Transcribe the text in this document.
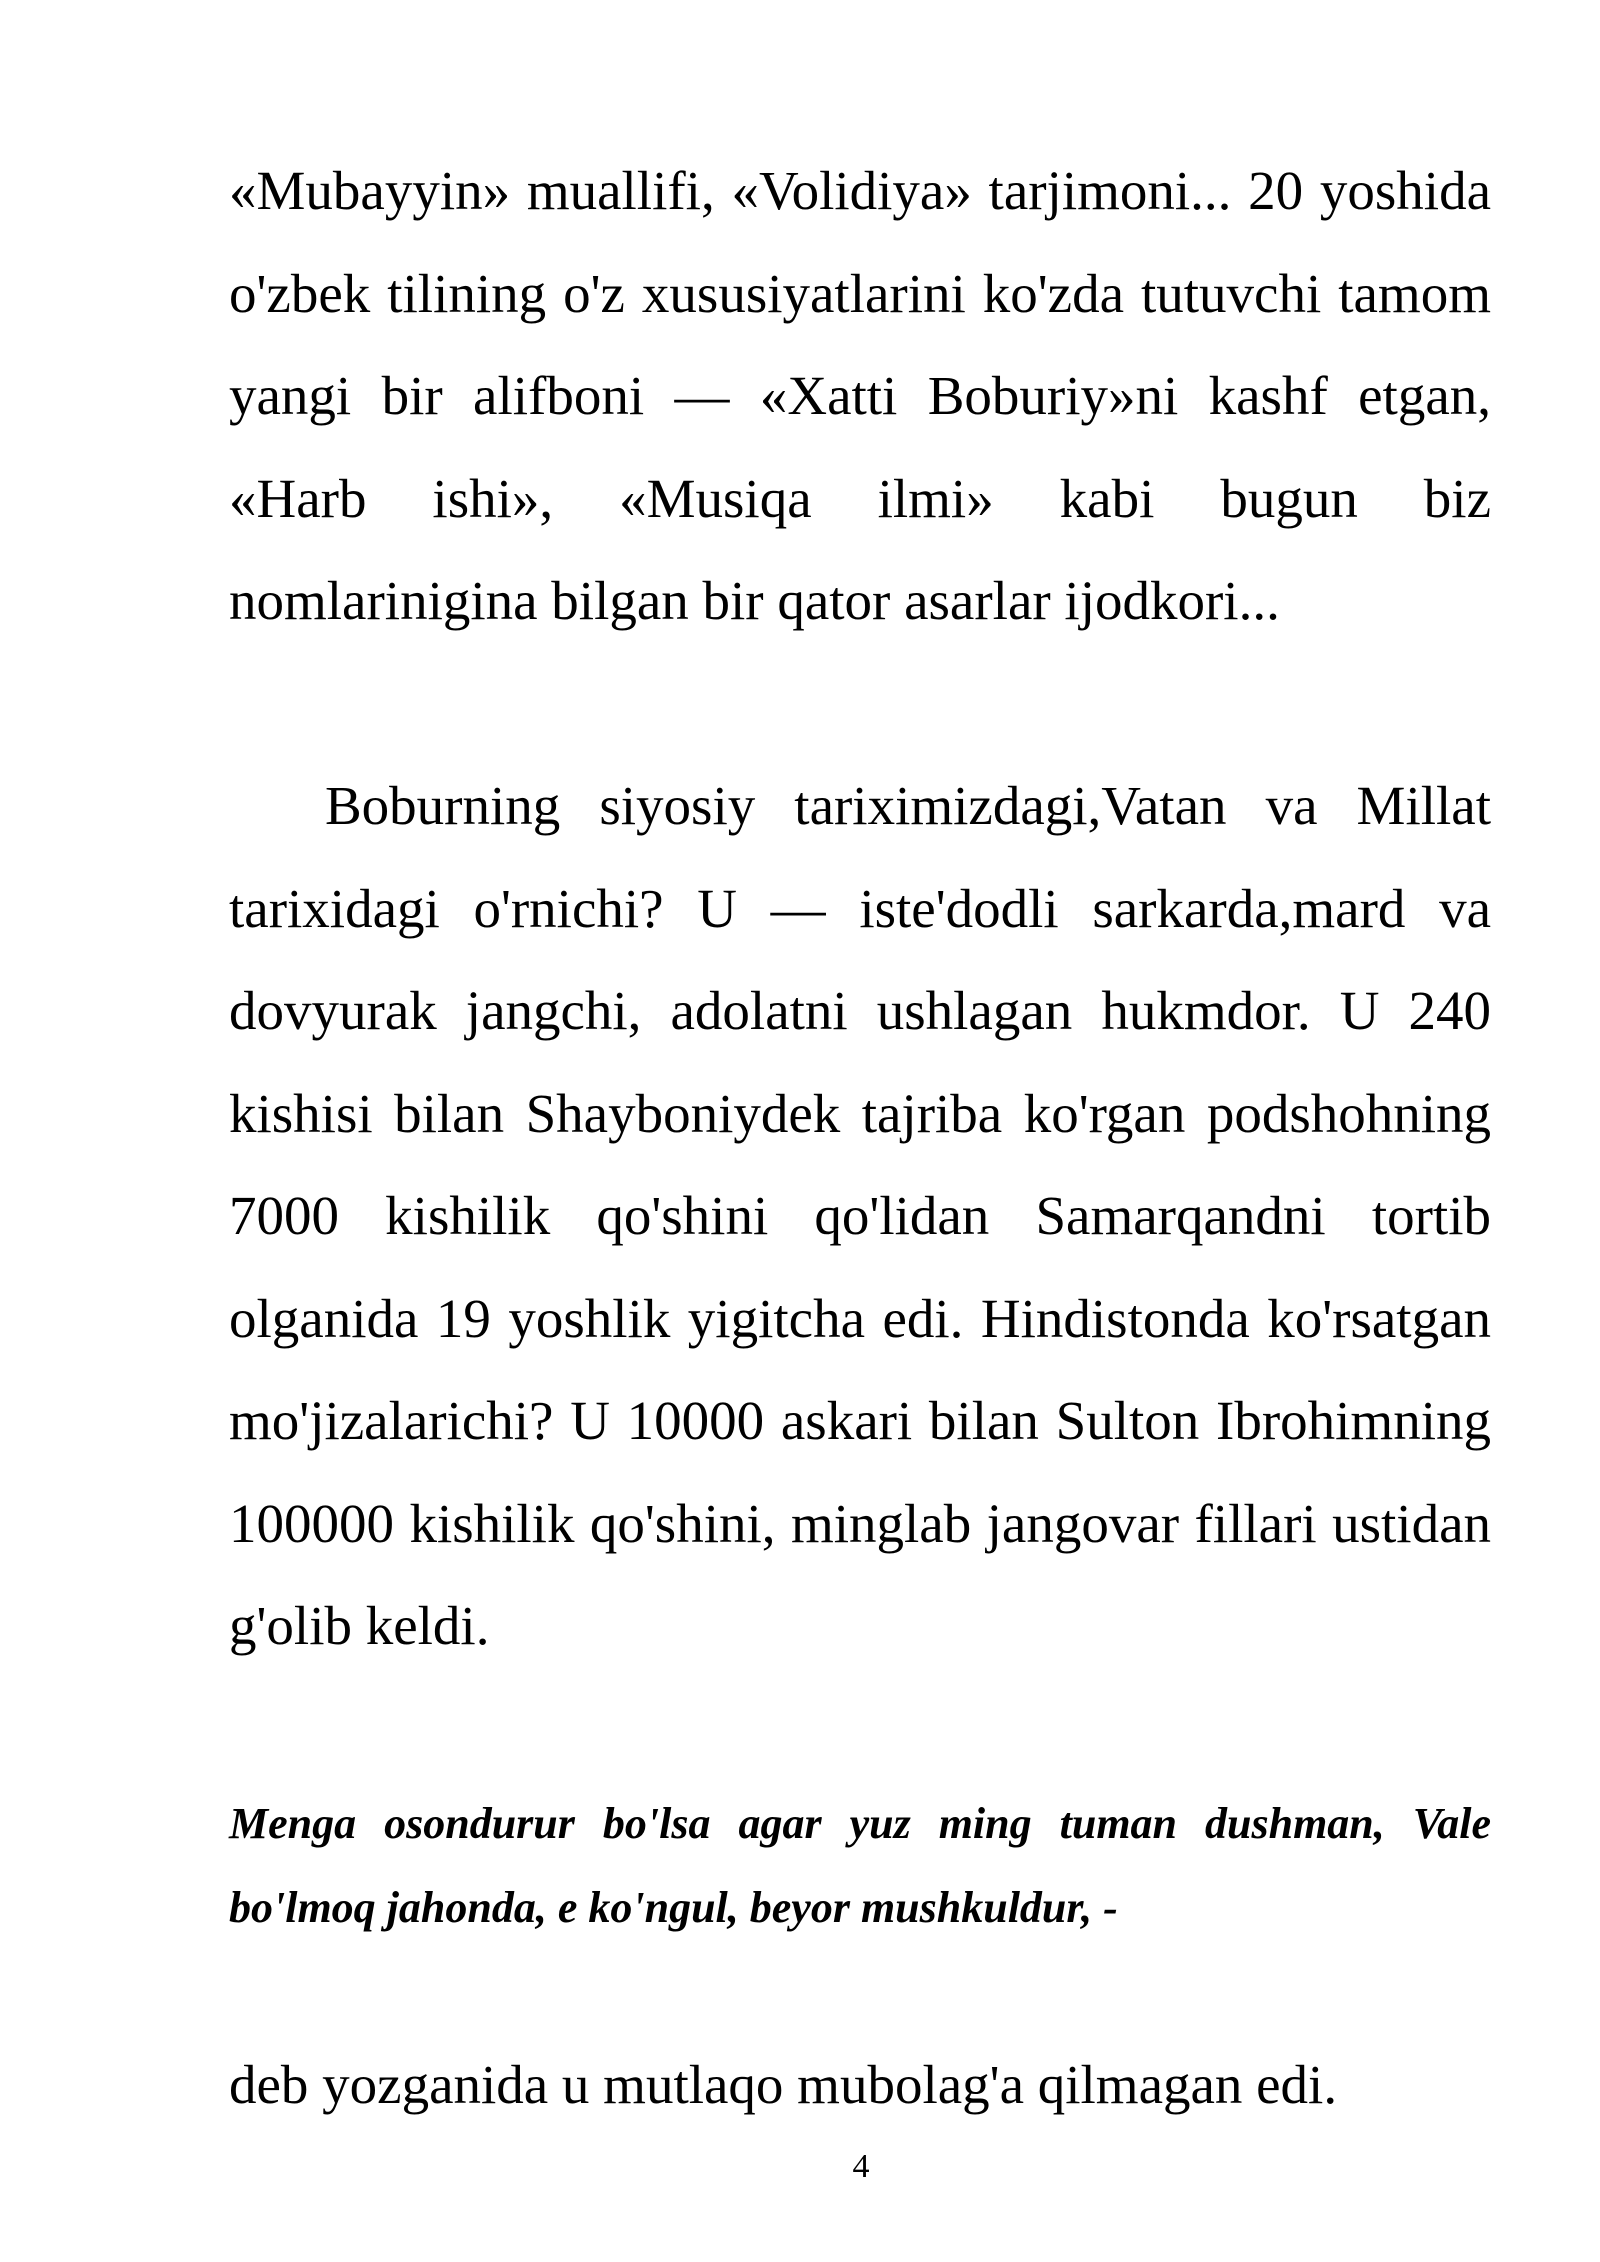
«Mubayyin» muallifi, «Volidiya» tarjimoni... 20 yoshida o'zbek tilining o'z xususiyatlarini ko'zda tutuvchi tamom yangi bir alifboni — «Xatti Boburiy»ni kashf etgan, «Harb ishi», «Musiqa ilmi» kabi bugun biz nomlarinigina bilgan bir qator asarlar ijodkori...

Boburning siyosiy tariximizdagi,Vatan va Millat tarixidagi o'rnichi? U — iste'dodli sarkarda,mard va dovyurak jangchi, adolatni ushlagan hukmdor. U 240 kishisi bilan Shayboniydek tajriba ko'rgan podshohning 7000 kishilik qo'shini qo'lidan Samarqandni tortib olganida 19 yoshlik yigitcha edi. Hindistonda ko'rsatgan mo'jizalarichi? U 10000 askari bilan Sulton Ibrohimning 100000 kishilik qo'shini, minglab jangovar fillari ustidan g'olib keldi.

Menga osondurur bo'lsa agar yuz ming tuman dushman, Vale bo'lmoq jahonda, e ko'ngul, beyor mushkuldur, -

deb yozganida u mutlaqo mubolag'a qilmagan edi.

4
